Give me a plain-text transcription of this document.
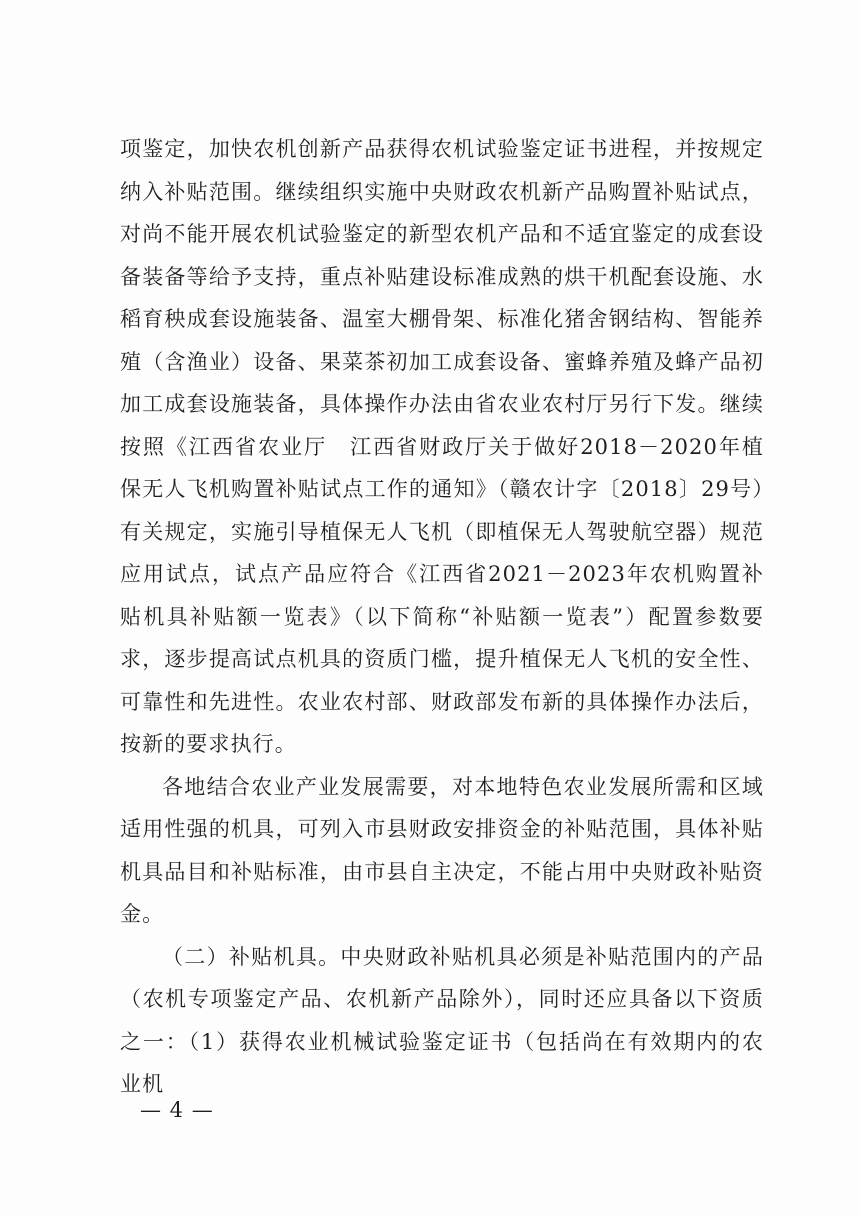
项鉴定，加快农机创新产品获得农机试验鉴定证书进程，并按规定纳入补贴范围。继续组织实施中央财政农机新产品购置补贴试点，对尚不能开展农机试验鉴定的新型农机产品和不适宜鉴定的成套设备装备等给予支持，重点补贴建设标准成熟的烘干机配套设施、水稻育秧成套设施装备、温室大棚骨架、标准化猪舍钢结构、智能养殖（含渔业）设备、果菜茶初加工成套设备、蜜蜂养殖及蜂产品初加工成套设施装备，具体操作办法由省农业农村厅另行下发。继续按照《江西省农业厅　江西省财政厅关于做好2018－2020年植保无人飞机购置补贴试点工作的通知》（赣农计字〔2018〕29号）有关规定，实施引导植保无人飞机（即植保无人驾驶航空器）规范应用试点，试点产品应符合《江西省2021－2023年农机购置补贴机具补贴额一览表》（以下简称“补贴额一览表”）配置参数要求，逐步提高试点机具的资质门槛，提升植保无人飞机的安全性、可靠性和先进性。农业农村部、财政部发布新的具体操作办法后，按新的要求执行。

各地结合农业产业发展需要，对本地特色农业发展所需和区域适用性强的机具，可列入市县财政安排资金的补贴范围，具体补贴机具品目和补贴标准，由市县自主决定，不能占用中央财政补贴资金。

（二）补贴机具。中央财政补贴机具必须是补贴范围内的产品（农机专项鉴定产品、农机新产品除外），同时还应具备以下资质之一：（1）获得农业机械试验鉴定证书（包括尚在有效期内的农业机

— 4 —
